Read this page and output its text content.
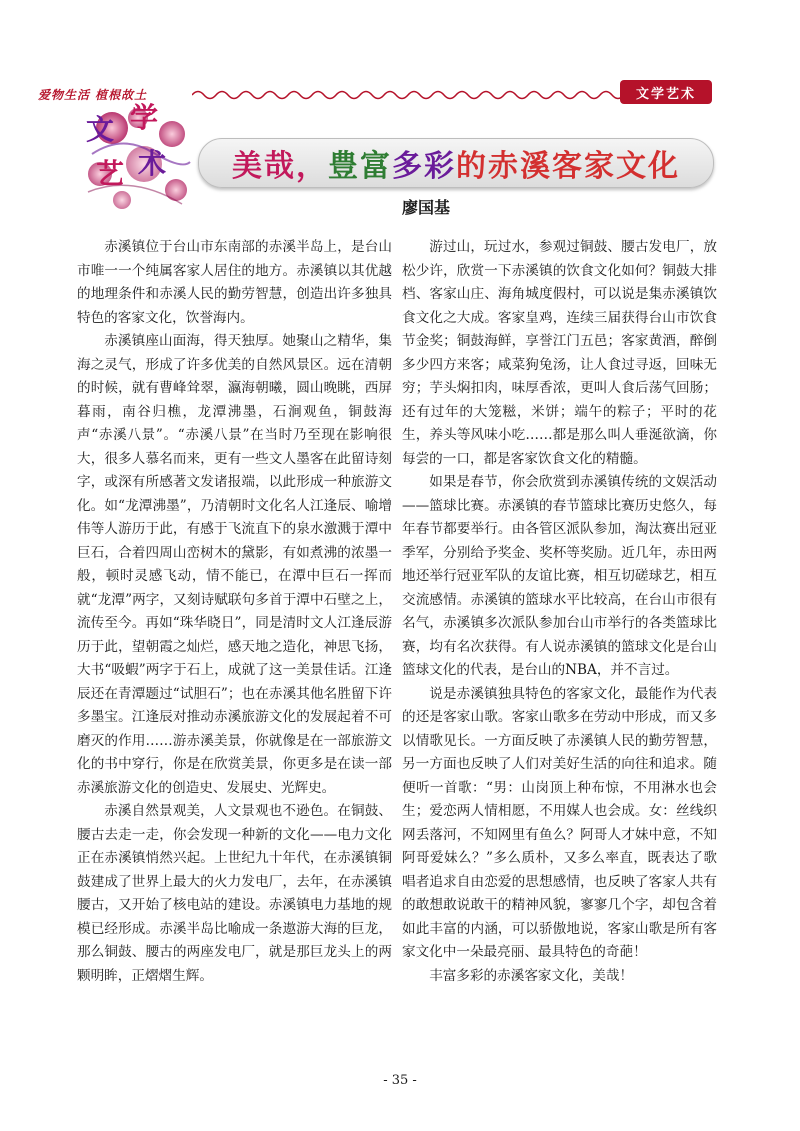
爱物生活 植根故土	文学艺术
文 学
艺 术 美哉， 豊富 多彩 的赤溪客家文化
廖国基

赤溪镇位于台山市东南部的赤溪半岛上，是台山市唯一一个纯属客家人居住的地方。赤溪镇以其优越的地理条件和赤溪人民的勤劳智慧，创造出许多独具特色的客家文化，饮誉海内。

赤溪镇座山面海，得天独厚。她聚山之精华，集海之灵气，形成了许多优美的自然风景区。远在清朝的时候，就有曹峰耸翠，瀛海朝曦，圆山晚眺，西屏暮雨，南谷归樵，龙潭沸墨，石涧观鱼，铜鼓海声“赤溪八景”。“赤溪八景”在当时乃至现在影响很大，很多人慕名而来，更有一些文人墨客在此留诗刻字，或深有所感著文发诸报端，以此形成一种旅游文化。如“龙潭沸墨”，乃清朝时文化名人江逢辰、喻增伟等人游历于此，有感于飞流直下的泉水激溅于潭中巨石，合着四周山峦树木的黛影，有如煮沸的浓墨一般，顿时灵感飞动，情不能已，在潭中巨石一挥而就“龙潭”两字，又刻诗赋联句多首于潭中石壁之上，流传至今。再如“珠华晓日”，同是清时文人江逢辰游历于此，望朝霞之灿烂，感天地之造化，神思飞扬，大书“吸蝦”两字于石上，成就了这一美景佳话。江逢辰还在青潭题过“试胆石”；也在赤溪其他名胜留下许多墨宝。江逢辰对推动赤溪旅游文化的发展起着不可磨灭的作用……游赤溪美景，你就像是在一部旅游文化的书中穿行，你是在欣赏美景，你更多是在读一部赤溪旅游文化的创造史、发展史、光辉史。

赤溪自然景观美，人文景观也不逊色。在铜鼓、腰古去走一走，你会发现一种新的文化——电力文化正在赤溪镇悄然兴起。上世纪九十年代，在赤溪镇铜鼓建成了世界上最大的火力发电厂，去年，在赤溪镇腰古，又开始了核电站的建设。赤溪镇电力基地的规模已经形成。赤溪半岛比喻成一条遨游大海的巨龙，那么铜鼓、腰古的两座发电厂，就是那巨龙头上的两颗明眸，正熠熠生辉。

游过山，玩过水，参观过铜鼓、腰古发电厂，放松少许，欣赏一下赤溪镇的饮食文化如何？铜鼓大排档、客家山庄、海角城度假村，可以说是集赤溪镇饮食文化之大成。客家皇鸡，连续三届获得台山市饮食节金奖；铜鼓海鲜，享誉江门五邑；客家黄酒，醉倒多少四方来客；咸菜狗兔汤，让人食过寻返，回味无穷；芋头焖扣肉，味厚香浓，更叫人食后荡气回肠；还有过年的大笼糍，米饼；端午的粽子；平时的花生，养头等风味小吃……都是那么叫人垂涎欲滴，你每尝的一口，都是客家饮食文化的精髓。

如果是春节，你会欣赏到赤溪镇传统的文娱活动——篮球比赛。赤溪镇的春节篮球比赛历史悠久，每年春节都要举行。由各管区派队参加，淘汰赛出冠亚季军，分别给予奖金、奖杯等奖励。近几年，赤田两地还举行冠亚军队的友谊比赛，相互切磋球艺，相互交流感情。赤溪镇的篮球水平比较高，在台山市很有名气，赤溪镇多次派队参加台山市举行的各类篮球比赛，均有名次获得。有人说赤溪镇的篮球文化是台山篮球文化的代表，是台山的NBA，并不言过。

说是赤溪镇独具特色的客家文化，最能作为代表的还是客家山歌。客家山歌多在劳动中形成，而又多以情歌见长。一方面反映了赤溪镇人民的勤劳智慧，另一方面也反映了人们对美好生活的向往和追求。随便听一首歌：“男：山岗顶上种布惊，不用淋水也会生；爱恋两人情相愿，不用媒人也会成。女：丝线织网丢落河，不知网里有鱼么？阿哥人才妹中意，不知阿哥爱妹么？”多么质朴，又多么率直，既表达了歌唱者追求自由恋爱的思想感情，也反映了客家人共有的敢想敢说敢干的精神风貌，寥寥几个字，却包含着如此丰富的内涵，可以骄傲地说，客家山歌是所有客家文化中一朵最亮丽、最具特色的奇葩！

丰富多彩的赤溪客家文化，美哉！

- 35 -
